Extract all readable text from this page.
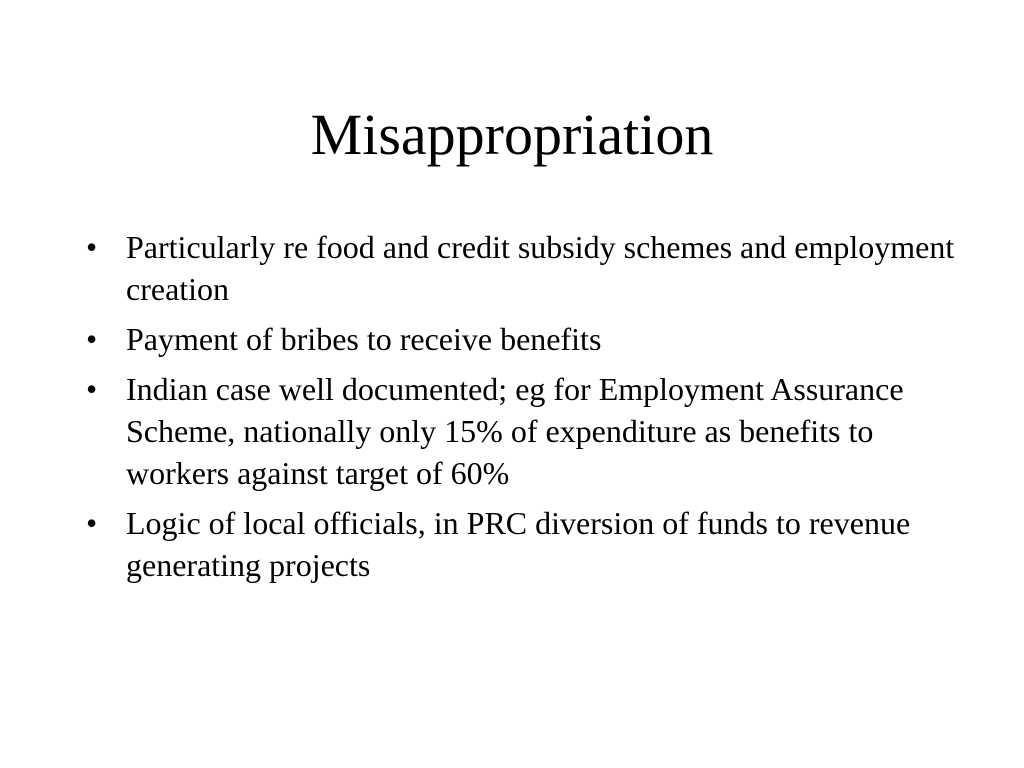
Misappropriation
• Particularly re food and credit subsidy schemes and employment creation
• Payment of bribes to receive benefits
• Indian case well documented; eg for Employment Assurance Scheme, nationally only 15% of expenditure as benefits to workers against target of 60%
• Logic of local officials, in PRC diversion of funds to revenue generating projects
